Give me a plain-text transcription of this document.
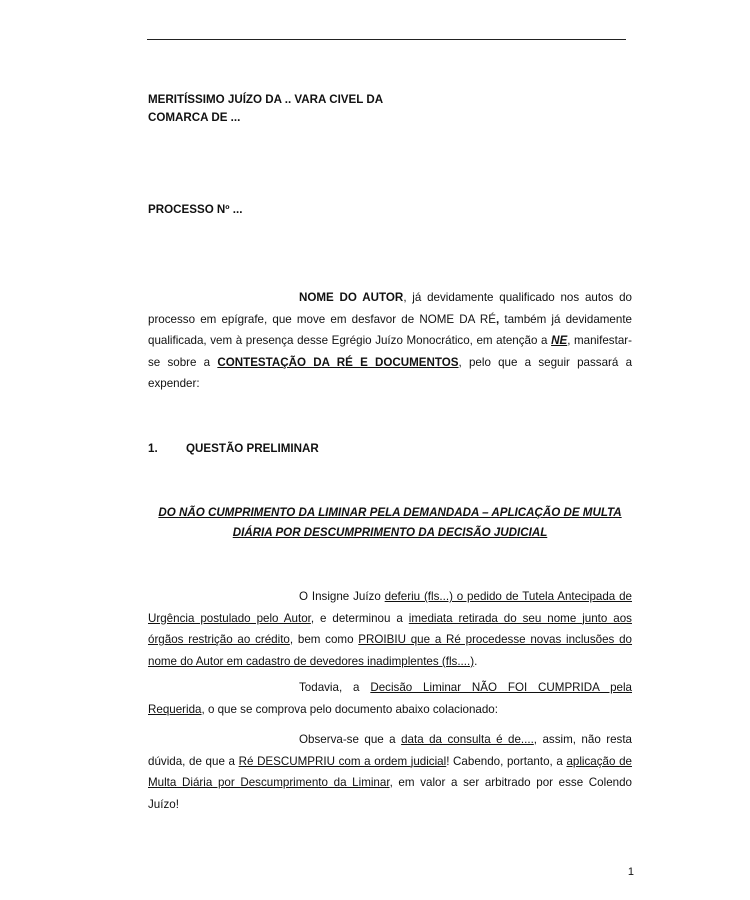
MERITÍSSIMO JUÍZO DA .. VARA CIVEL DA
COMARCA DE ...
PROCESSO Nº ...

NOME DO AUTOR, já devidamente qualificado nos autos do processo em epígrafe, que move em desfavor de NOME DA RÉ, também já devidamente qualificada, vem à presença desse Egrégio Juízo Monocrático, em atenção a NE, manifestar-se sobre a CONTESTAÇÃO DA RÉ E DOCUMENTOS, pelo que a seguir passará a expender:

1. QUESTÃO PRELIMINAR
DO NÃO CUMPRIMENTO DA LIMINAR PELA DEMANDADA – APLICAÇÃO DE MULTA
DIÁRIA POR DESCUMPRIMENTO DA DECISÃO JUDICIAL

O Insigne Juízo deferiu (fls...) o pedido de Tutela Antecipada de Urgência postulado pelo Autor, e determinou a imediata retirada do seu nome junto aos órgãos restrição ao crédito, bem como PROIBIU que a Ré procedesse novas inclusões do nome do Autor em cadastro de devedores inadimplentes (fls....).

Todavia, a Decisão Liminar NÃO FOI CUMPRIDA pela Requerida, o que se comprova pelo documento abaixo colacionado:

Observa-se que a data da consulta é de...., assim, não resta dúvida, de que a Ré DESCUMPRIU com a ordem judicial! Cabendo, portanto, a aplicação de Multa Diária por Descumprimento da Liminar, em valor a ser arbitrado por esse Colendo Juízo!

1
